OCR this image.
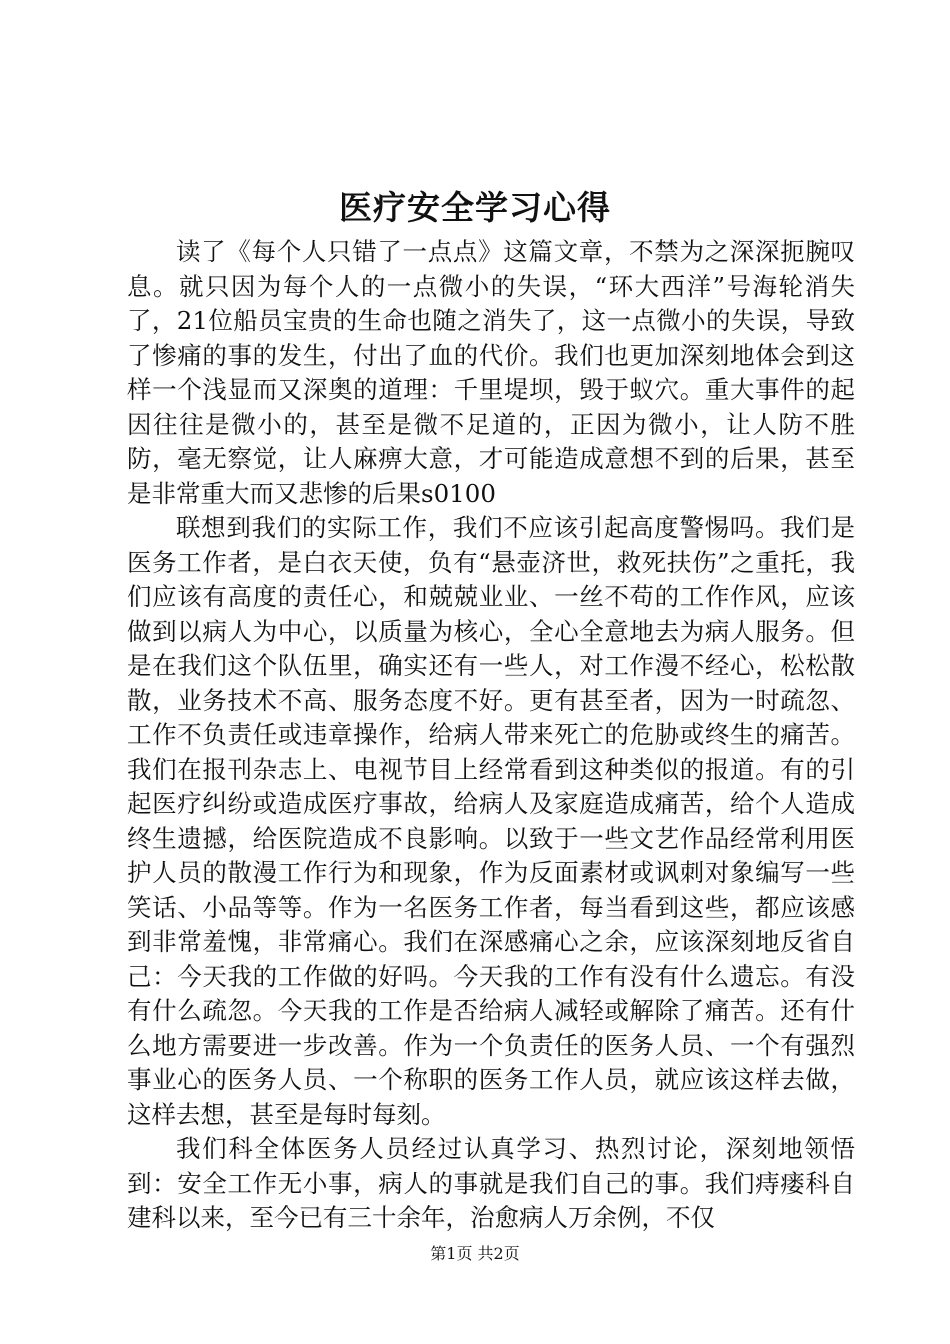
医疗安全学习心得

读了《每个人只错了一点点》这篇文章，不禁为之深深扼腕叹息。就只因为每个人的一点微小的失误，“环大西洋”号海轮消失了，21位船员宝贵的生命也随之消失了，这一点微小的失误，导致了惨痛的事的发生，付出了血的代价。我们也更加深刻地体会到这样一个浅显而又深奥的道理：千里堤坝，毁于蚁穴。重大事件的起因往往是微小的，甚至是微不足道的，正因为微小，让人防不胜防，毫无察觉，让人麻痹大意，才可能造成意想不到的后果，甚至是非常重大而又悲惨的后果s0100

联想到我们的实际工作，我们不应该引起高度警惕吗。我们是医务工作者，是白衣天使，负有“悬壶济世，救死扶伤”之重托，我们应该有高度的责任心，和兢兢业业、一丝不苟的工作作风，应该做到以病人为中心，以质量为核心，全心全意地去为病人服务。但是在我们这个队伍里，确实还有一些人，对工作漫不经心，松松散散，业务技术不高、服务态度不好。更有甚至者，因为一时疏忽、工作不负责任或违章操作，给病人带来死亡的危胁或终生的痛苦。我们在报刊杂志上、电视节目上经常看到这种类似的报道。有的引起医疗纠纷或造成医疗事故，给病人及家庭造成痛苦，给个人造成终生遗撼，给医院造成不良影响。以致于一些文艺作品经常利用医护人员的散漫工作行为和现象，作为反面素材或讽刺对象编写一些笑话、小品等等。作为一名医务工作者，每当看到这些，都应该感到非常羞愧，非常痛心。我们在深感痛心之余，应该深刻地反省自己：今天我的工作做的好吗。今天我的工作有没有什么遗忘。有没有什么疏忽。今天我的工作是否给病人减轻或解除了痛苦。还有什么地方需要进一步改善。作为一个负责任的医务人员、一个有强烈事业心的医务人员、一个称职的医务工作人员，就应该这样去做，这样去想，甚至是每时每刻。

我们科全体医务人员经过认真学习、热烈讨论，深刻地领悟到：安全工作无小事，病人的事就是我们自己的事。我们痔瘘科自建科以来，至今已有三十余年，治愈病人万余例，不仅

第1页 共2页
